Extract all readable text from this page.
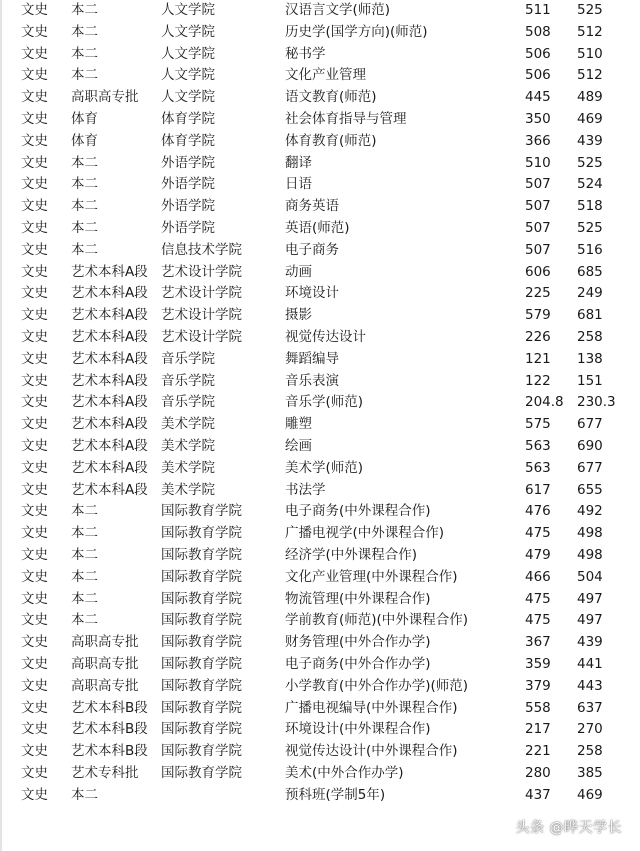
文史	本二	人文学院	汉语言文学(师范)	511	525
文史	本二	人文学院	历史学(国学方向)(师范)	508	512
文史	本二	人文学院	秘书学	506	510
文史	本二	人文学院	文化产业管理	506	512
文史	高职高专批	人文学院	语文教育(师范)	445	489
文史	体育	体育学院	社会体育指导与管理	350	469
文史	体育	体育学院	体育教育(师范)	366	439
文史	本二	外语学院	翻译	510	525
文史	本二	外语学院	日语	507	524
文史	本二	外语学院	商务英语	507	518
文史	本二	外语学院	英语(师范)	507	525
文史	本二	信息技术学院	电子商务	507	516
文史	艺术本科A段	艺术设计学院	动画	606	685
文史	艺术本科A段	艺术设计学院	环境设计	225	249
文史	艺术本科A段	艺术设计学院	摄影	579	681
文史	艺术本科A段	艺术设计学院	视觉传达设计	226	258
文史	艺术本科A段	音乐学院	舞蹈编导	121	138
文史	艺术本科A段	音乐学院	音乐表演	122	151
文史	艺术本科A段	音乐学院	音乐学(师范)	204.8	230.3
文史	艺术本科A段	美术学院	雕塑	575	677
文史	艺术本科A段	美术学院	绘画	563	690
文史	艺术本科A段	美术学院	美术学(师范)	563	677
文史	艺术本科A段	美术学院	书法学	617	655
文史	本二	国际教育学院	电子商务(中外课程合作)	476	492
文史	本二	国际教育学院	广播电视学(中外课程合作)	475	498
文史	本二	国际教育学院	经济学(中外课程合作)	479	498
文史	本二	国际教育学院	文化产业管理(中外课程合作)	466	504
文史	本二	国际教育学院	物流管理(中外课程合作)	475	497
文史	本二	国际教育学院	学前教育(师范)(中外课程合作)	475	497
文史	高职高专批	国际教育学院	财务管理(中外合作办学)	367	439
文史	高职高专批	国际教育学院	电子商务(中外合作办学)	359	441
文史	高职高专批	国际教育学院	小学教育(中外合作办学)(师范)	379	443
文史	艺术本科B段	国际教育学院	广播电视编导(中外课程合作)	558	637
文史	艺术本科B段	国际教育学院	环境设计(中外课程合作)	217	270
文史	艺术本科B段	国际教育学院	视觉传达设计(中外课程合作)	221	258
文史	艺术专科批	国际教育学院	美术(中外合作办学)	280	385
文史	本二		预科班(学制5年)	437	469
头条 @晔天学长
